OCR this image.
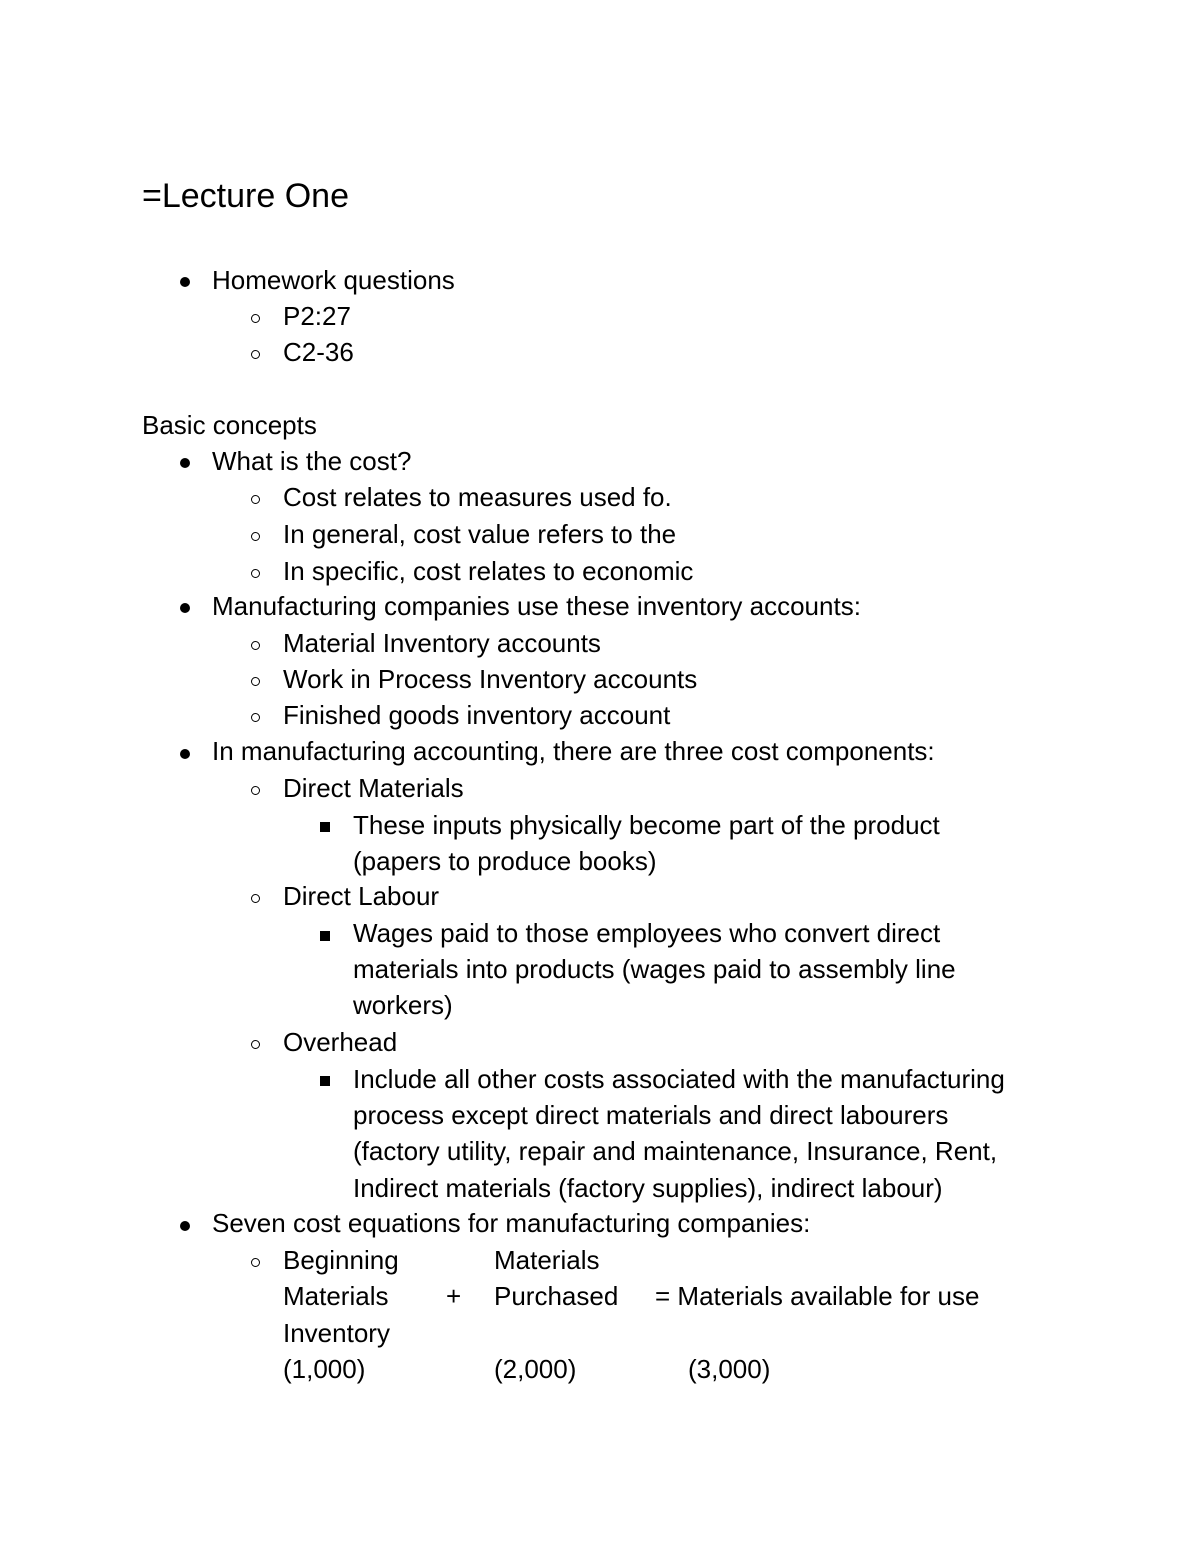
=Lecture One
Homework questions
P2:27
C2-36
Basic concepts
What is the cost?
Cost relates to measures used fo.
In general, cost value refers to the
In specific, cost relates to economic
Manufacturing companies use these inventory accounts:
Material Inventory accounts
Work in Process Inventory accounts
Finished goods inventory account
In manufacturing accounting, there are three cost components:
Direct Materials
These inputs physically become part of the product
(papers to produce books)
Direct Labour
Wages paid to those employees who convert direct
materials into products (wages paid to assembly line
workers)
Overhead
Include all other costs associated with the manufacturing
process except direct materials and direct labourers
(factory utility, repair and maintenance, Insurance, Rent,
Indirect materials (factory supplies), indirect labour)
Seven cost equations for manufacturing companies:
Beginning
Materials
Inventory
+
Materials
Purchased = Materials available for use
(1,000)	(2,000)	(3,000)
